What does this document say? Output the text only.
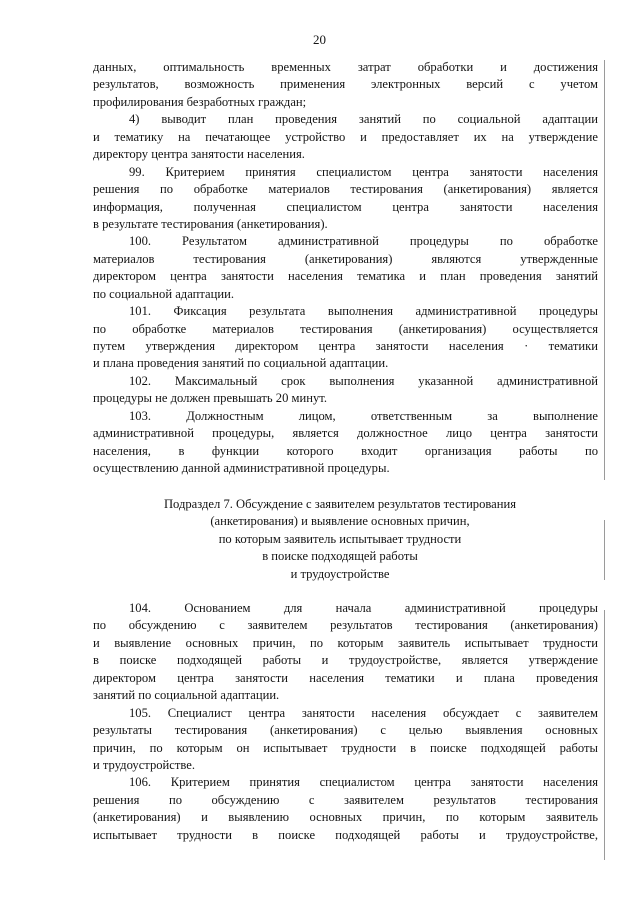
20
данных, оптимальность временных затрат обработки и достижения
результатов, возможность применения электронных версий с учетом
профилирования безработных граждан;
4) выводит план проведения занятий по социальной адаптации
и тематику на печатающее устройство и предоставляет их на утверждение
директору центра занятости населения.
99. Критерием принятия специалистом центра занятости населения
решения по обработке материалов тестирования (анкетирования) является
информация, полученная специалистом центра занятости населения
в результате тестирования (анкетирования).
100. Результатом административной процедуры по обработке
материалов тестирования (анкетирования) являются утвержденные
директором центра занятости населения тематика и план проведения занятий
по социальной адаптации.
101. Фиксация результата выполнения административной процедуры
по обработке материалов тестирования (анкетирования) осуществляется
путем утверждения директором центра занятости населения · тематики
и плана проведения занятий по социальной адаптации.
102. Максимальный срок выполнения указанной административной
процедуры не должен превышать 20 минут.
103. Должностным лицом, ответственным за выполнение
административной процедуры, является должностное лицо центра занятости
населения, в функции которого входит организация работы по
осуществлению данной административной процедуры.
Подраздел 7. Обсуждение с заявителем результатов тестирования
(анкетирования) и выявление основных причин,
по которым заявитель испытывает трудности
в поиске подходящей работы
и трудоустройстве
104. Основанием для начала административной процедуры
по обсуждению с заявителем результатов тестирования (анкетирования)
и выявление основных причин, по которым заявитель испытывает трудности
в поиске подходящей работы и трудоустройстве, является утверждение
директором центра занятости населения тематики и плана проведения
занятий по социальной адаптации.
105. Специалист центра занятости населения обсуждает с заявителем
результаты тестирования (анкетирования) с целью выявления основных
причин, по которым он испытывает трудности в поиске подходящей работы
и трудоустройстве.
106. Критерием принятия специалистом центра занятости населения
решения по обсуждению с заявителем результатов тестирования
(анкетирования) и выявлению основных причин, по которым заявитель
испытывает трудности в поиске подходящей работы и трудоустройстве,
